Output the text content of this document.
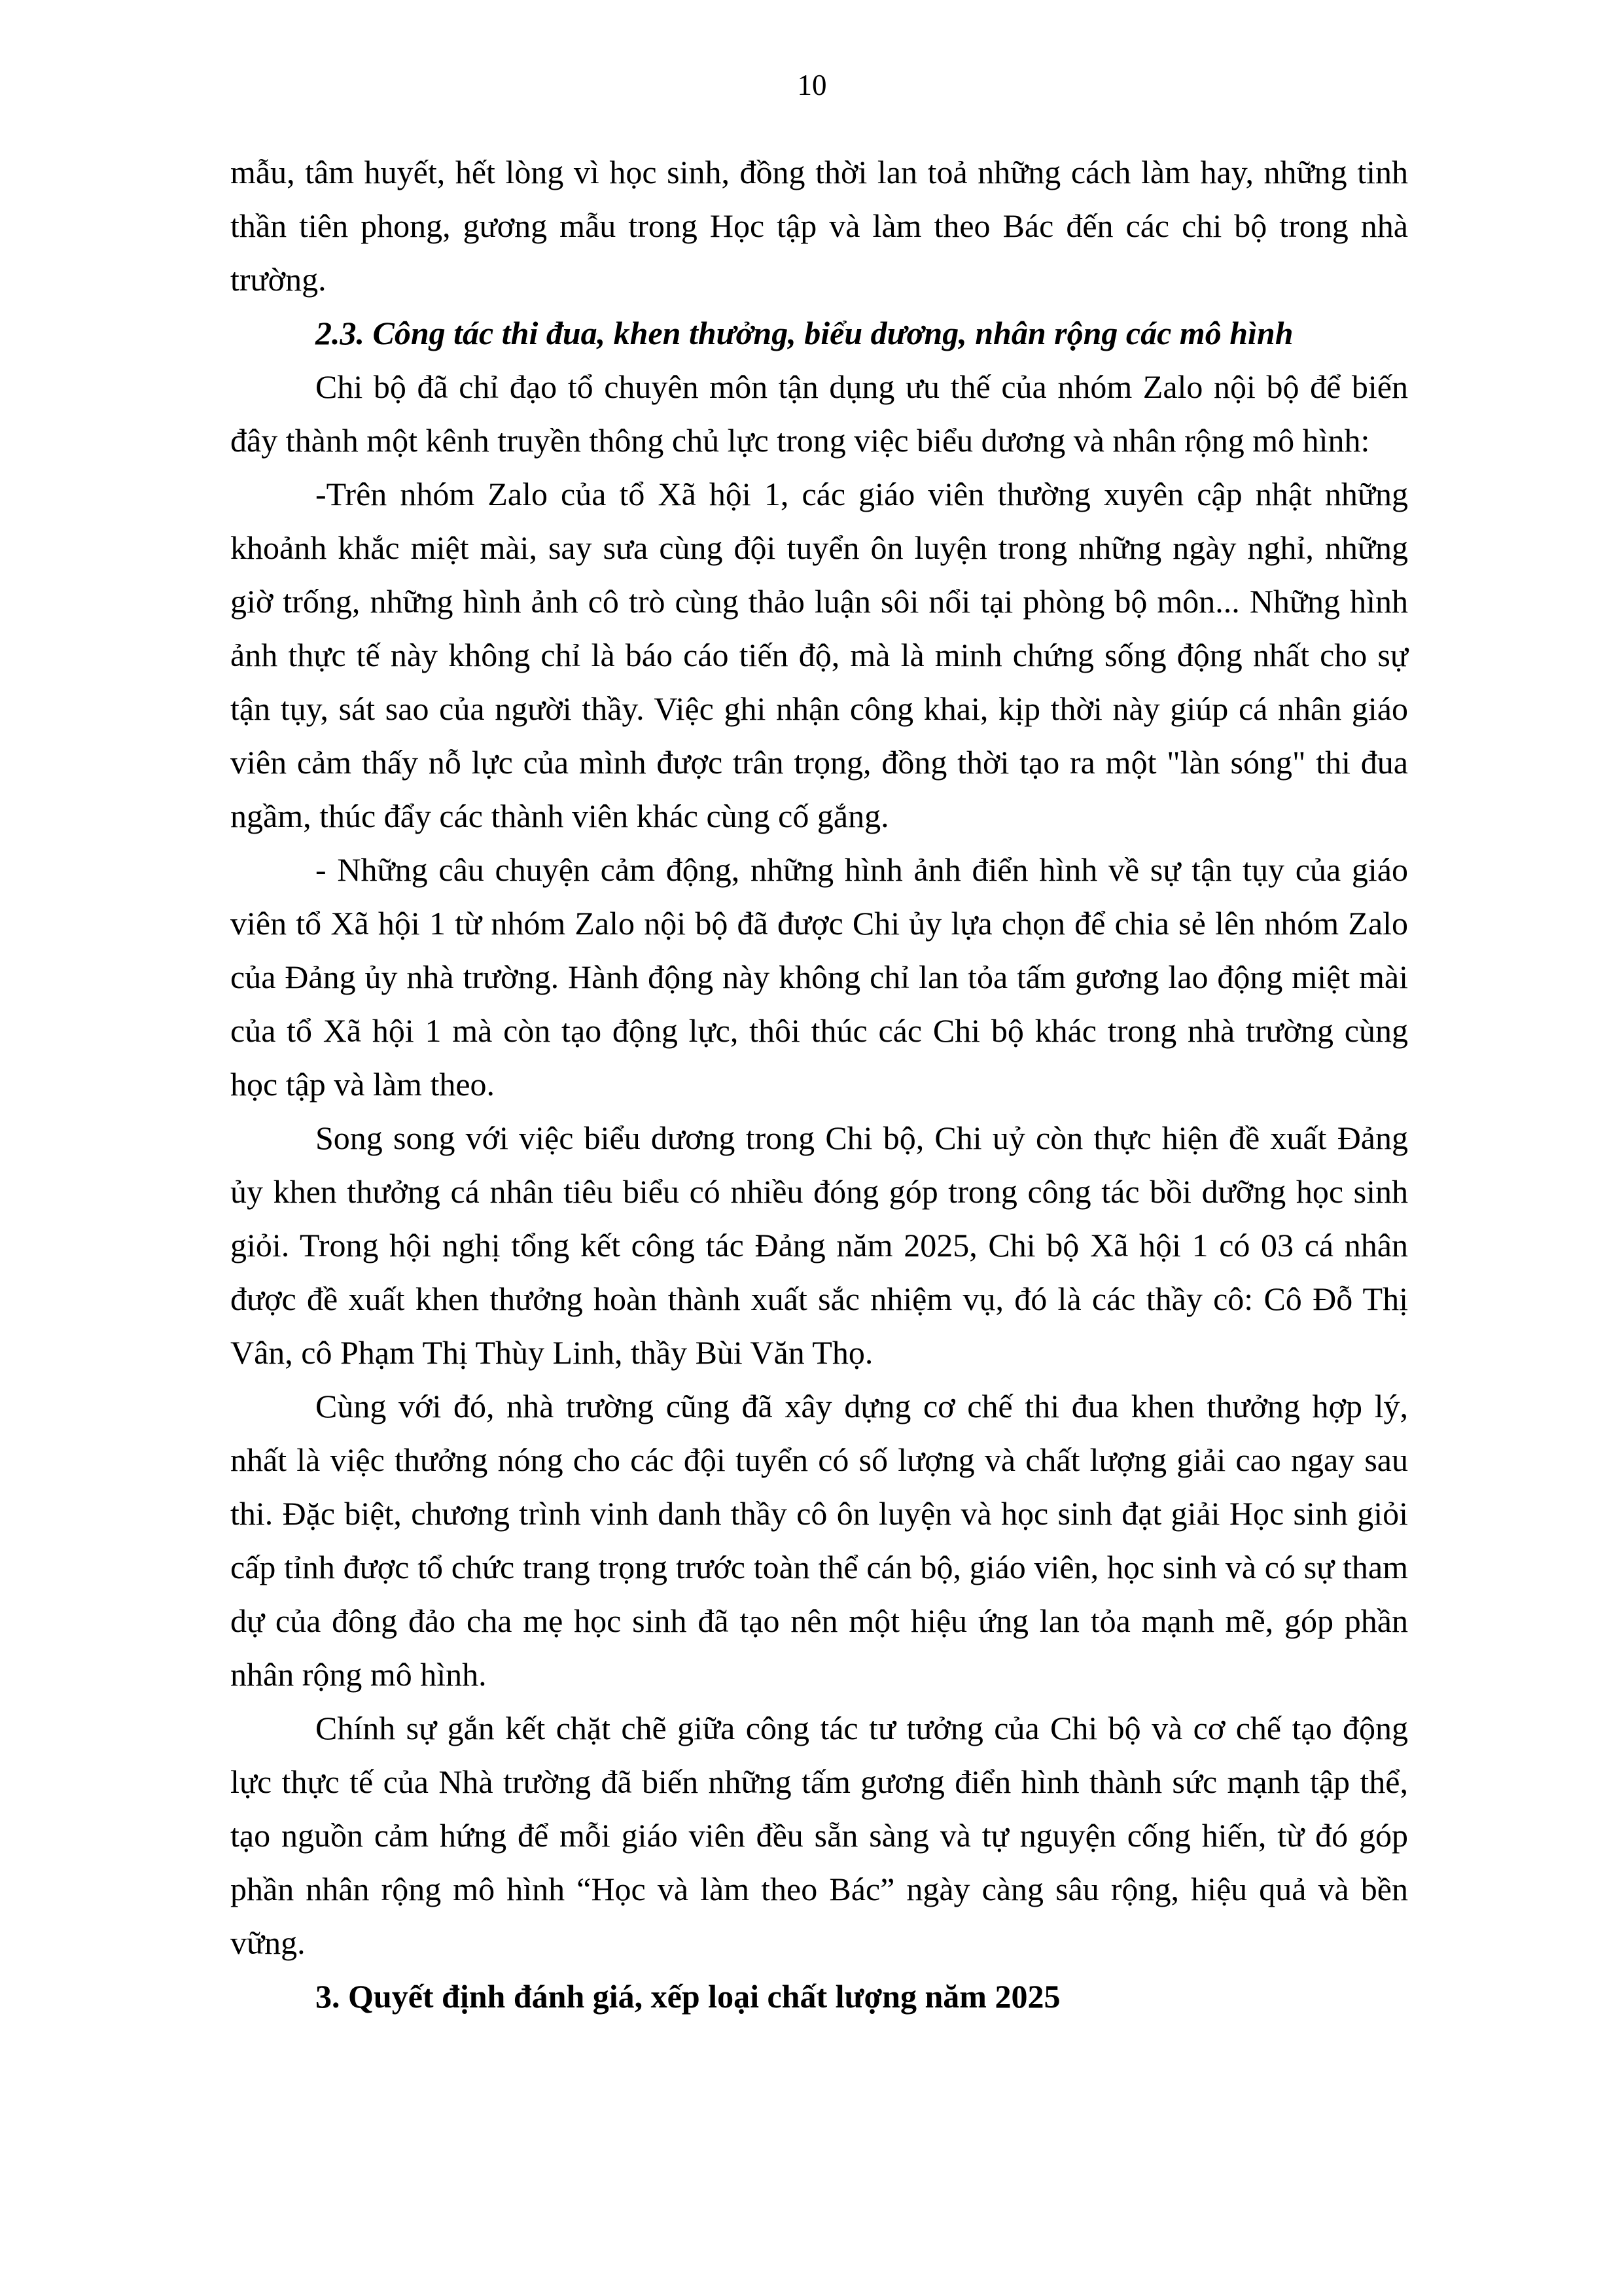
10

mẫu, tâm huyết, hết lòng vì học sinh, đồng thời lan toả những cách làm hay, những tinh thần tiên phong, gương mẫu trong Học tập và làm theo Bác đến các chi bộ trong nhà trường.

2.3. Công tác thi đua, khen thưởng, biểu dương, nhân rộng các mô hình

Chi bộ đã chỉ đạo tổ chuyên môn tận dụng ưu thế của nhóm Zalo nội bộ để biến đây thành một kênh truyền thông chủ lực trong việc biểu dương và nhân rộng mô hình:

-Trên nhóm Zalo của tổ Xã hội 1, các giáo viên thường xuyên cập nhật những khoảnh khắc miệt mài, say sưa cùng đội tuyển ôn luyện trong những ngày nghỉ, những giờ trống, những hình ảnh cô trò cùng thảo luận sôi nổi tại phòng bộ môn... Những hình ảnh thực tế này không chỉ là báo cáo tiến độ, mà là minh chứng sống động nhất cho sự tận tụy, sát sao của người thầy. Việc ghi nhận công khai, kịp thời này giúp cá nhân giáo viên cảm thấy nỗ lực của mình được trân trọng, đồng thời tạo ra một "làn sóng" thi đua ngầm, thúc đẩy các thành viên khác cùng cố gắng.

- Những câu chuyện cảm động, những hình ảnh điển hình về sự tận tụy của giáo viên tổ Xã hội 1 từ nhóm Zalo nội bộ đã được Chi ủy lựa chọn để chia sẻ lên nhóm Zalo của Đảng ủy nhà trường. Hành động này không chỉ lan tỏa tấm gương lao động miệt mài của tổ Xã hội 1 mà còn tạo động lực, thôi thúc các Chi bộ khác trong nhà trường cùng học tập và làm theo.

Song song với việc biểu dương trong Chi bộ, Chi uỷ còn thực hiện đề xuất Đảng ủy khen thưởng cá nhân tiêu biểu có nhiều đóng góp trong công tác bồi dưỡng học sinh giỏi. Trong hội nghị tổng kết công tác Đảng năm 2025, Chi bộ Xã hội 1 có 03 cá nhân được đề xuất khen thưởng hoàn thành xuất sắc nhiệm vụ, đó là các thầy cô: Cô Đỗ Thị Vân, cô Phạm Thị Thùy Linh, thầy Bùi Văn Thọ.

Cùng với đó, nhà trường cũng đã xây dựng cơ chế thi đua khen thưởng hợp lý, nhất là việc thưởng nóng cho các đội tuyển có số lượng và chất lượng giải cao ngay sau thi. Đặc biệt, chương trình vinh danh thầy cô ôn luyện và học sinh đạt giải Học sinh giỏi cấp tỉnh được tổ chức trang trọng trước toàn thể cán bộ, giáo viên, học sinh và có sự tham dự của đông đảo cha mẹ học sinh đã tạo nên một hiệu ứng lan tỏa mạnh mẽ, góp phần nhân rộng mô hình.

Chính sự gắn kết chặt chẽ giữa công tác tư tưởng của Chi bộ và cơ chế tạo động lực thực tế của Nhà trường đã biến những tấm gương điển hình thành sức mạnh tập thể, tạo nguồn cảm hứng để mỗi giáo viên đều sẵn sàng và tự nguyện cống hiến, từ đó góp phần nhân rộng mô hình “Học và làm theo Bác” ngày càng sâu rộng, hiệu quả và bền vững.

3. Quyết định đánh giá, xếp loại chất lượng năm 2025
